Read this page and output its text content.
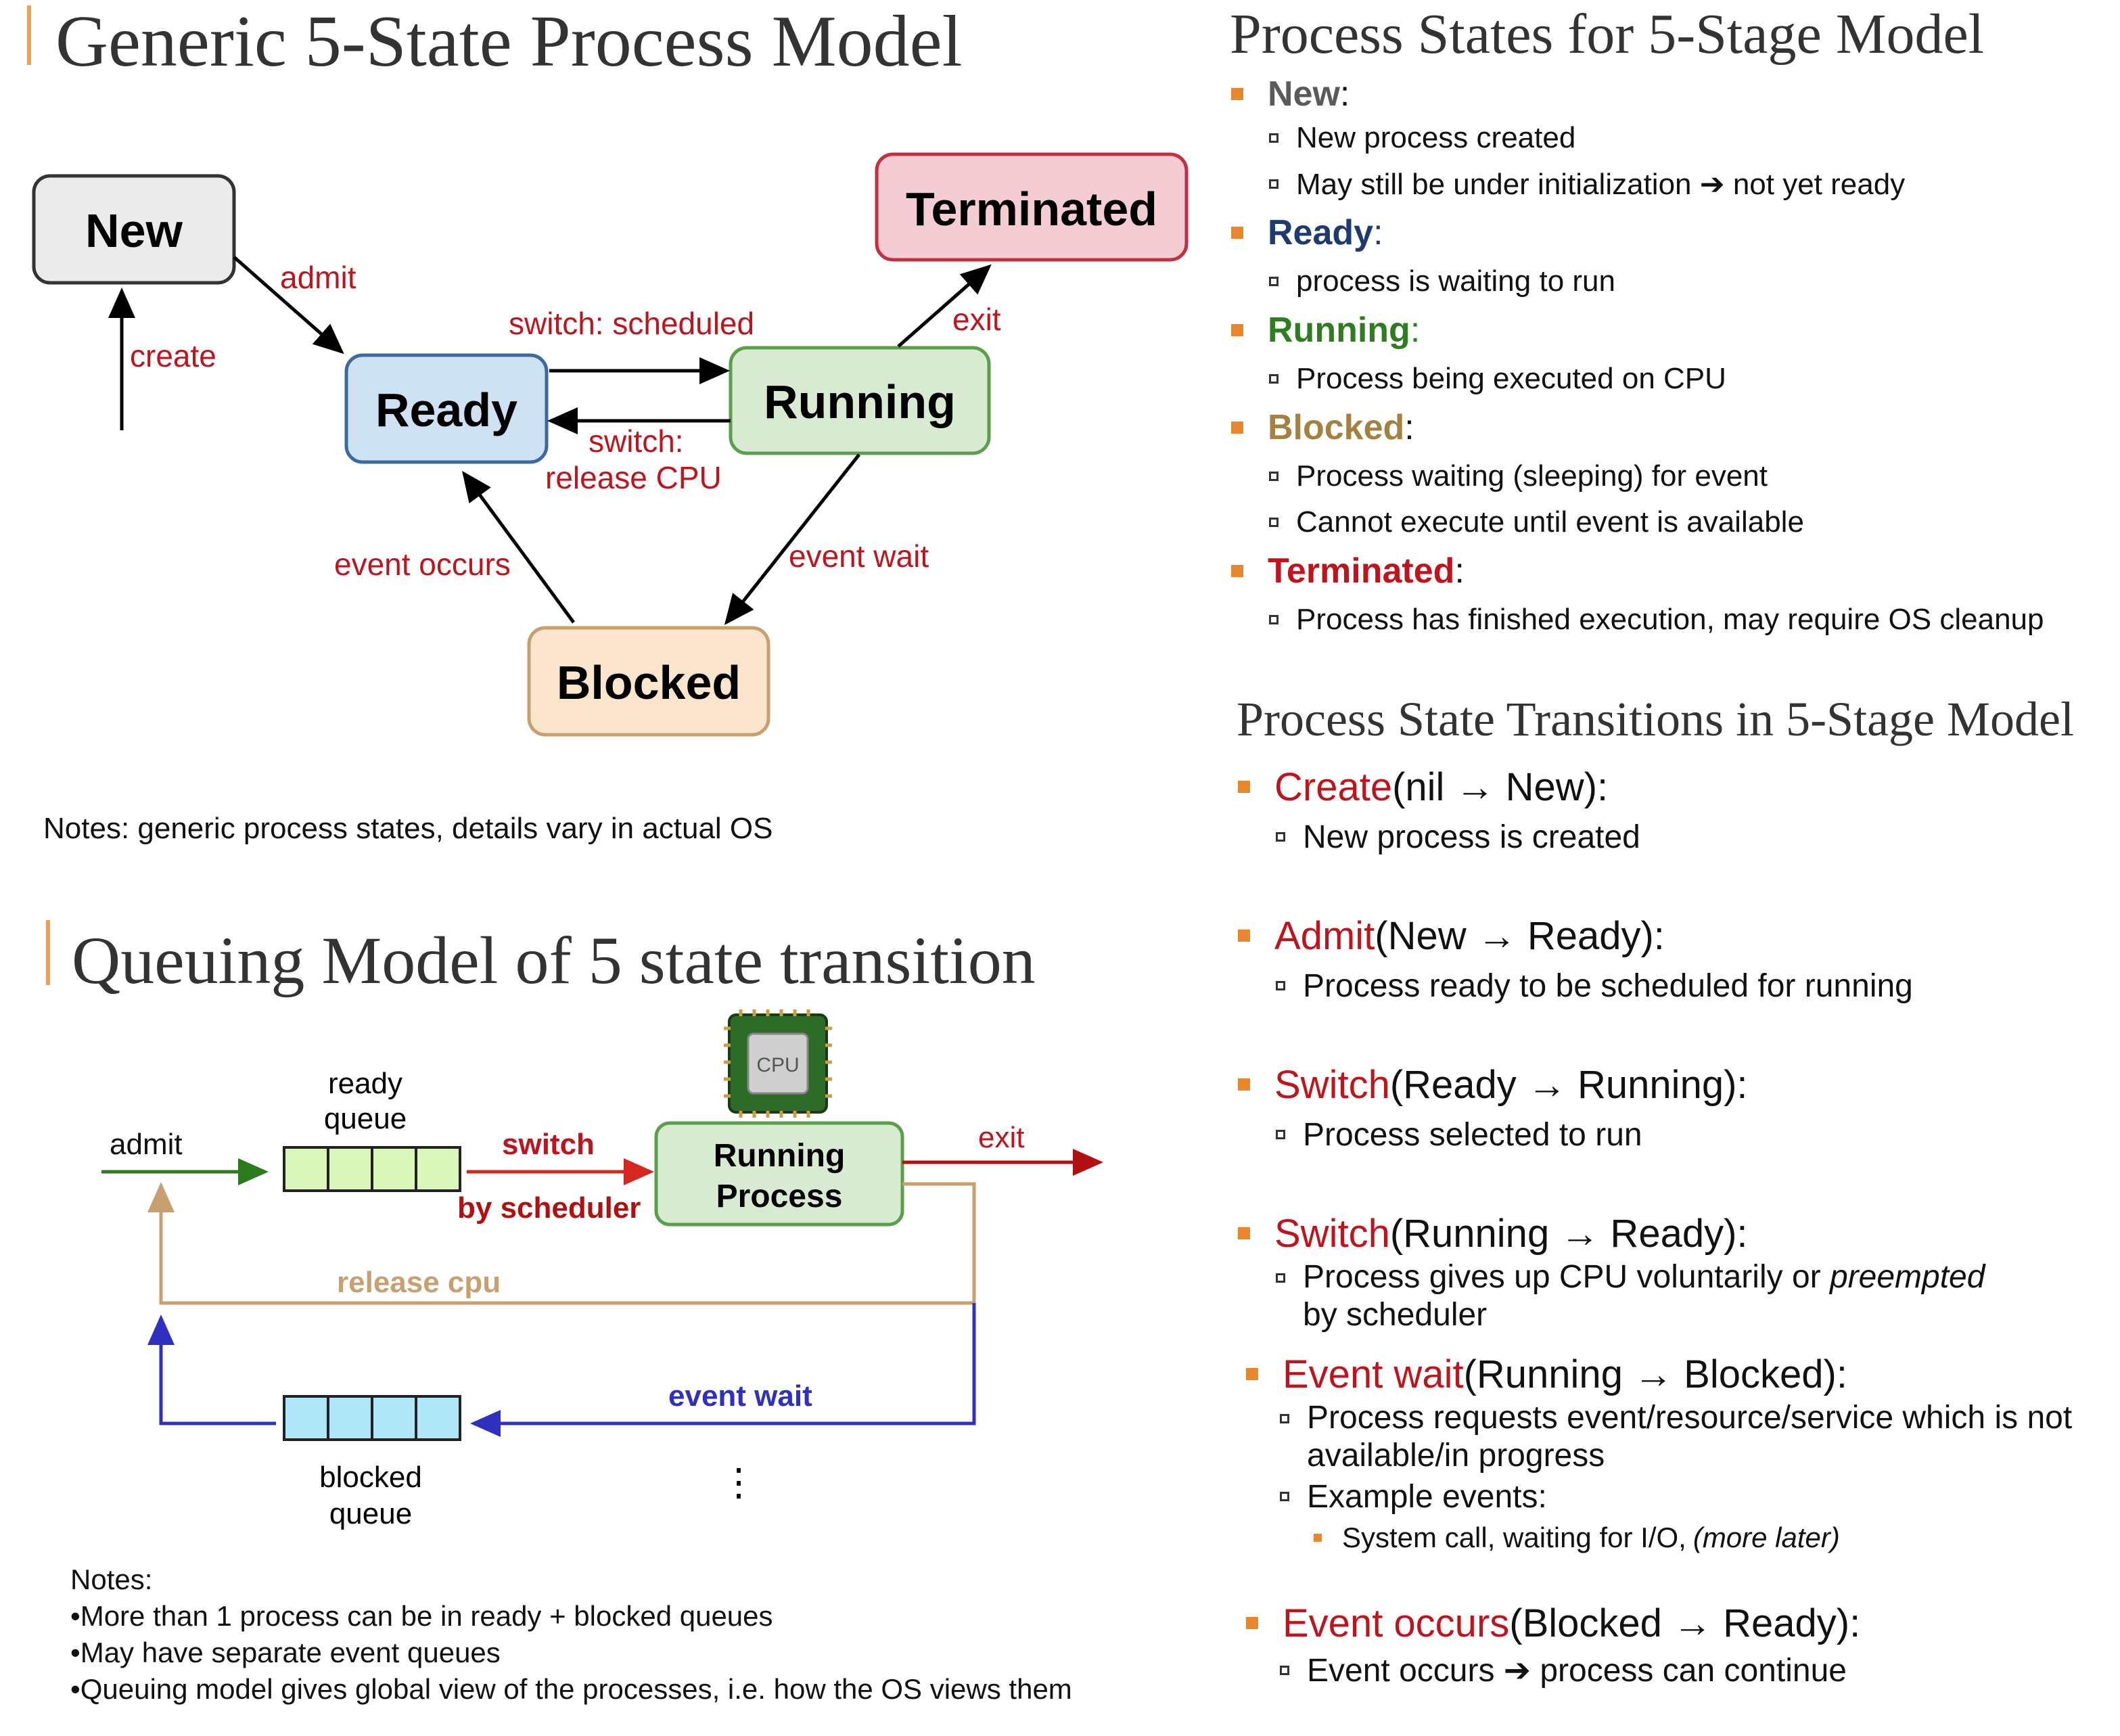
Generic 5-State Process Model
New
Ready	Running
Blocked
Terminated
create
admit
switch: scheduled
switch:
release CPU
exit
event wait
event occurs
Notes: generic process states, details vary in actual OS
Queuing Model of 5 state transition
CPU
ready
queue
Running
Process
blocked
queue
admit	switch
by scheduler
exit
release cpu
event wait
⋮
Notes:
•More than 1 process can be in ready + blocked queues
•May have separate event queues
•Queuing model gives global view of the processes, i.e. how the OS views them
Process States for 5-Stage Model
New :
New process created
May still be under initialization ➔ not yet ready
Ready :
process is waiting to run
Running :
Process being executed on CPU
Blocked :
Process waiting (sleeping) for event
Cannot execute until event is available
Terminated :
Process has finished execution, may require OS cleanup
Process State Transitions in 5-Stage Model
Create (nil → New):
New process is created
Admit (New → Ready):
Process ready to be scheduled for running
Switch (Ready → Running):
Process selected to run
Switch (Running → Ready):
Process gives up CPU voluntarily or preempted
by scheduler
Event wait (Running → Blocked):
Process requests event/resource/service which is not available/in progress
Example events:
System call, waiting for I/O, (more later)
Event occurs (Blocked → Ready):
Event occurs ➔ process can continue
